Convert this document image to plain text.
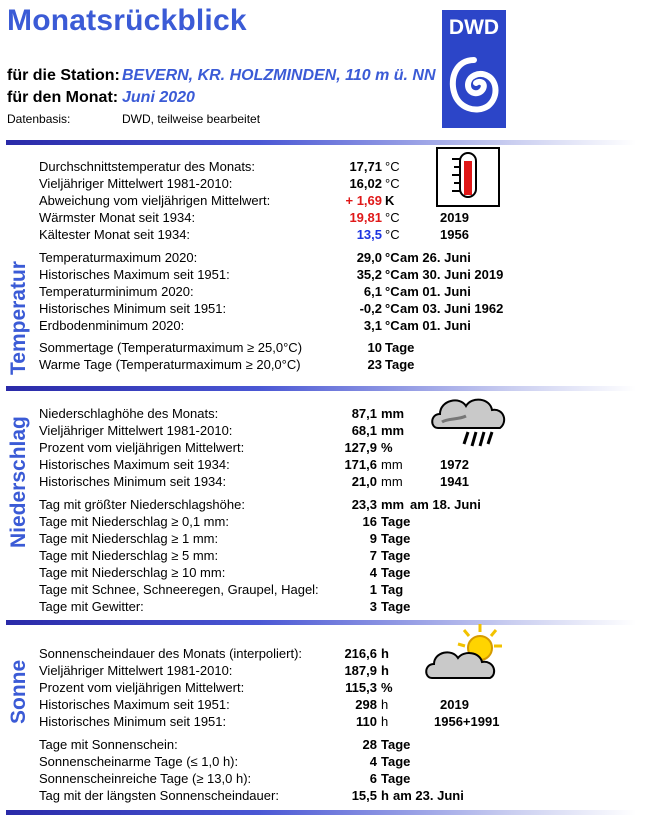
Monatsrückblick
für die Station: BEVERN, KR. HOLZMINDEN, 110 m ü. NN
für den Monat: Juni 2020
Datenbasis:	DWD, teilweise bearbeitet
DWD
Temperatur
Niederschlag
Sonne
Durchschnittstemperatur des Monats:	17,71 °C
Vieljähriger Mittelwert 1981-2010:	16,02 °C
Abweichung vom vieljährigen Mittelwert:	+ 1,69 K
Wärmster Monat seit 1934:	19,81 °C	2019
Kältester Monat seit 1934:	13,5 °C	1956
Temperaturmaximum 2020:	29,0 °C am 26. Juni
Historisches Maximum seit 1951:	35,2 °C am 30. Juni 2019
Temperaturminimum 2020:	6,1 °C am 01. Juni
Historisches Minimum seit 1951:	-0,2 °C am 03. Juni 1962
Erdbodenminimum 2020:	3,1 °C am 01. Juni
Sommertage (Temperaturmaximum ≥ 25,0°C)	10 Tage
Warme Tage (Temperaturmaximum ≥ 20,0°C)	23 Tage
Niederschlaghöhe des Monats:	87,1 mm
Vieljähriger Mittelwert 1981-2010:	68,1 mm
Prozent vom vieljährigen Mittelwert:	127,9 %
Historisches Maximum seit 1934:	171,6 mm	1972
Historisches Minimum seit 1934:	21,0 mm	1941
Tag mit größter Niederschlagshöhe:	23,3 mm am 18. Juni
Tage mit Niederschlag ≥ 0,1 mm:	16 Tage
Tage mit Niederschlag ≥ 1 mm:	9 Tage
Tage mit Niederschlag ≥ 5 mm:	7 Tage
Tage mit Niederschlag ≥ 10 mm:	4 Tage
Tage mit Schnee, Schneeregen, Graupel, Hagel:	1 Tag
Tage mit Gewitter:	3 Tage
Sonnenscheindauer des Monats (interpoliert):	216,6 h
Vieljähriger Mittelwert 1981-2010:	187,9 h
Prozent vom vieljährigen Mittelwert:	115,3 %
Historisches Maximum seit 1951:	298 h	2019
Historisches Minimum seit 1951:	110 h	1956+1991
Tage mit Sonnenschein:	28 Tage
Sonnenscheinarme Tage (≤ 1,0 h):	4 Tage
Sonnenscheinreiche Tage (≥ 13,0 h):	6 Tage
Tag mit der längsten Sonnenscheindauer:	15,5 h am 23. Juni
